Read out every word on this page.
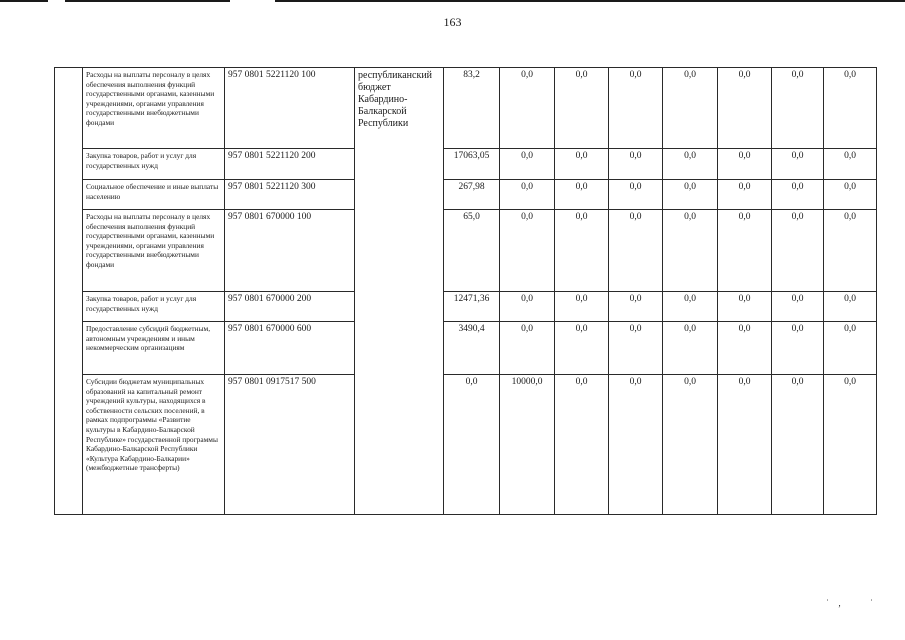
163
	Расходы на выплаты персоналу в целях обеспечения выполнения функций государственными органами, казенными учреждениями, органами управления государственными внебюджетными фондами	957 0801 5221120 100	республиканский бюджет Кабардино-Балкарской Республики	83,2	0,0	0,0	0,0	0,0	0,0	0,0	0,0
	Закупка товаров, работ и услуг для государственных нужд	957 0801 5221120 200		17063,05	0,0	0,0	0,0	0,0	0,0	0,0	0,0
	Социальное обеспечение и иные выплаты населению	957 0801 5221120 300		267,98	0,0	0,0	0,0	0,0	0,0	0,0	0,0
	Расходы на выплаты персоналу в целях обеспечения выполнения функций государственными органами, казенными учреждениями, органами управления государственными внебюджетными фондами	957 0801 670000 100		65,0	0,0	0,0	0,0	0,0	0,0	0,0	0,0
	Закупка товаров, работ и услуг для государственных нужд	957 0801 670000 200		12471,36	0,0	0,0	0,0	0,0	0,0	0,0	0,0
	Предоставление субсидий бюджетным, автономным учреждениям и иным некоммерческим организациям	957 0801 670000 600		3490,4	0,0	0,0	0,0	0,0	0,0	0,0	0,0
	Субсидии бюджетам муниципальных образований на капитальный ремонт учреждений культуры, находящихся в собственности сельских поселений, в рамках подпрограммы «Развитие культуры в Кабардино-Балкарской Республике» государственной программы Кабардино-Балкарской Республики «Культура Кабардино-Балкарии» (межбюджетные трансферты)	957 0801 0917517 500		0,0	10000,0	0,0	0,0	0,0	0,0	0,0	0,0
˙ ‚	˙
